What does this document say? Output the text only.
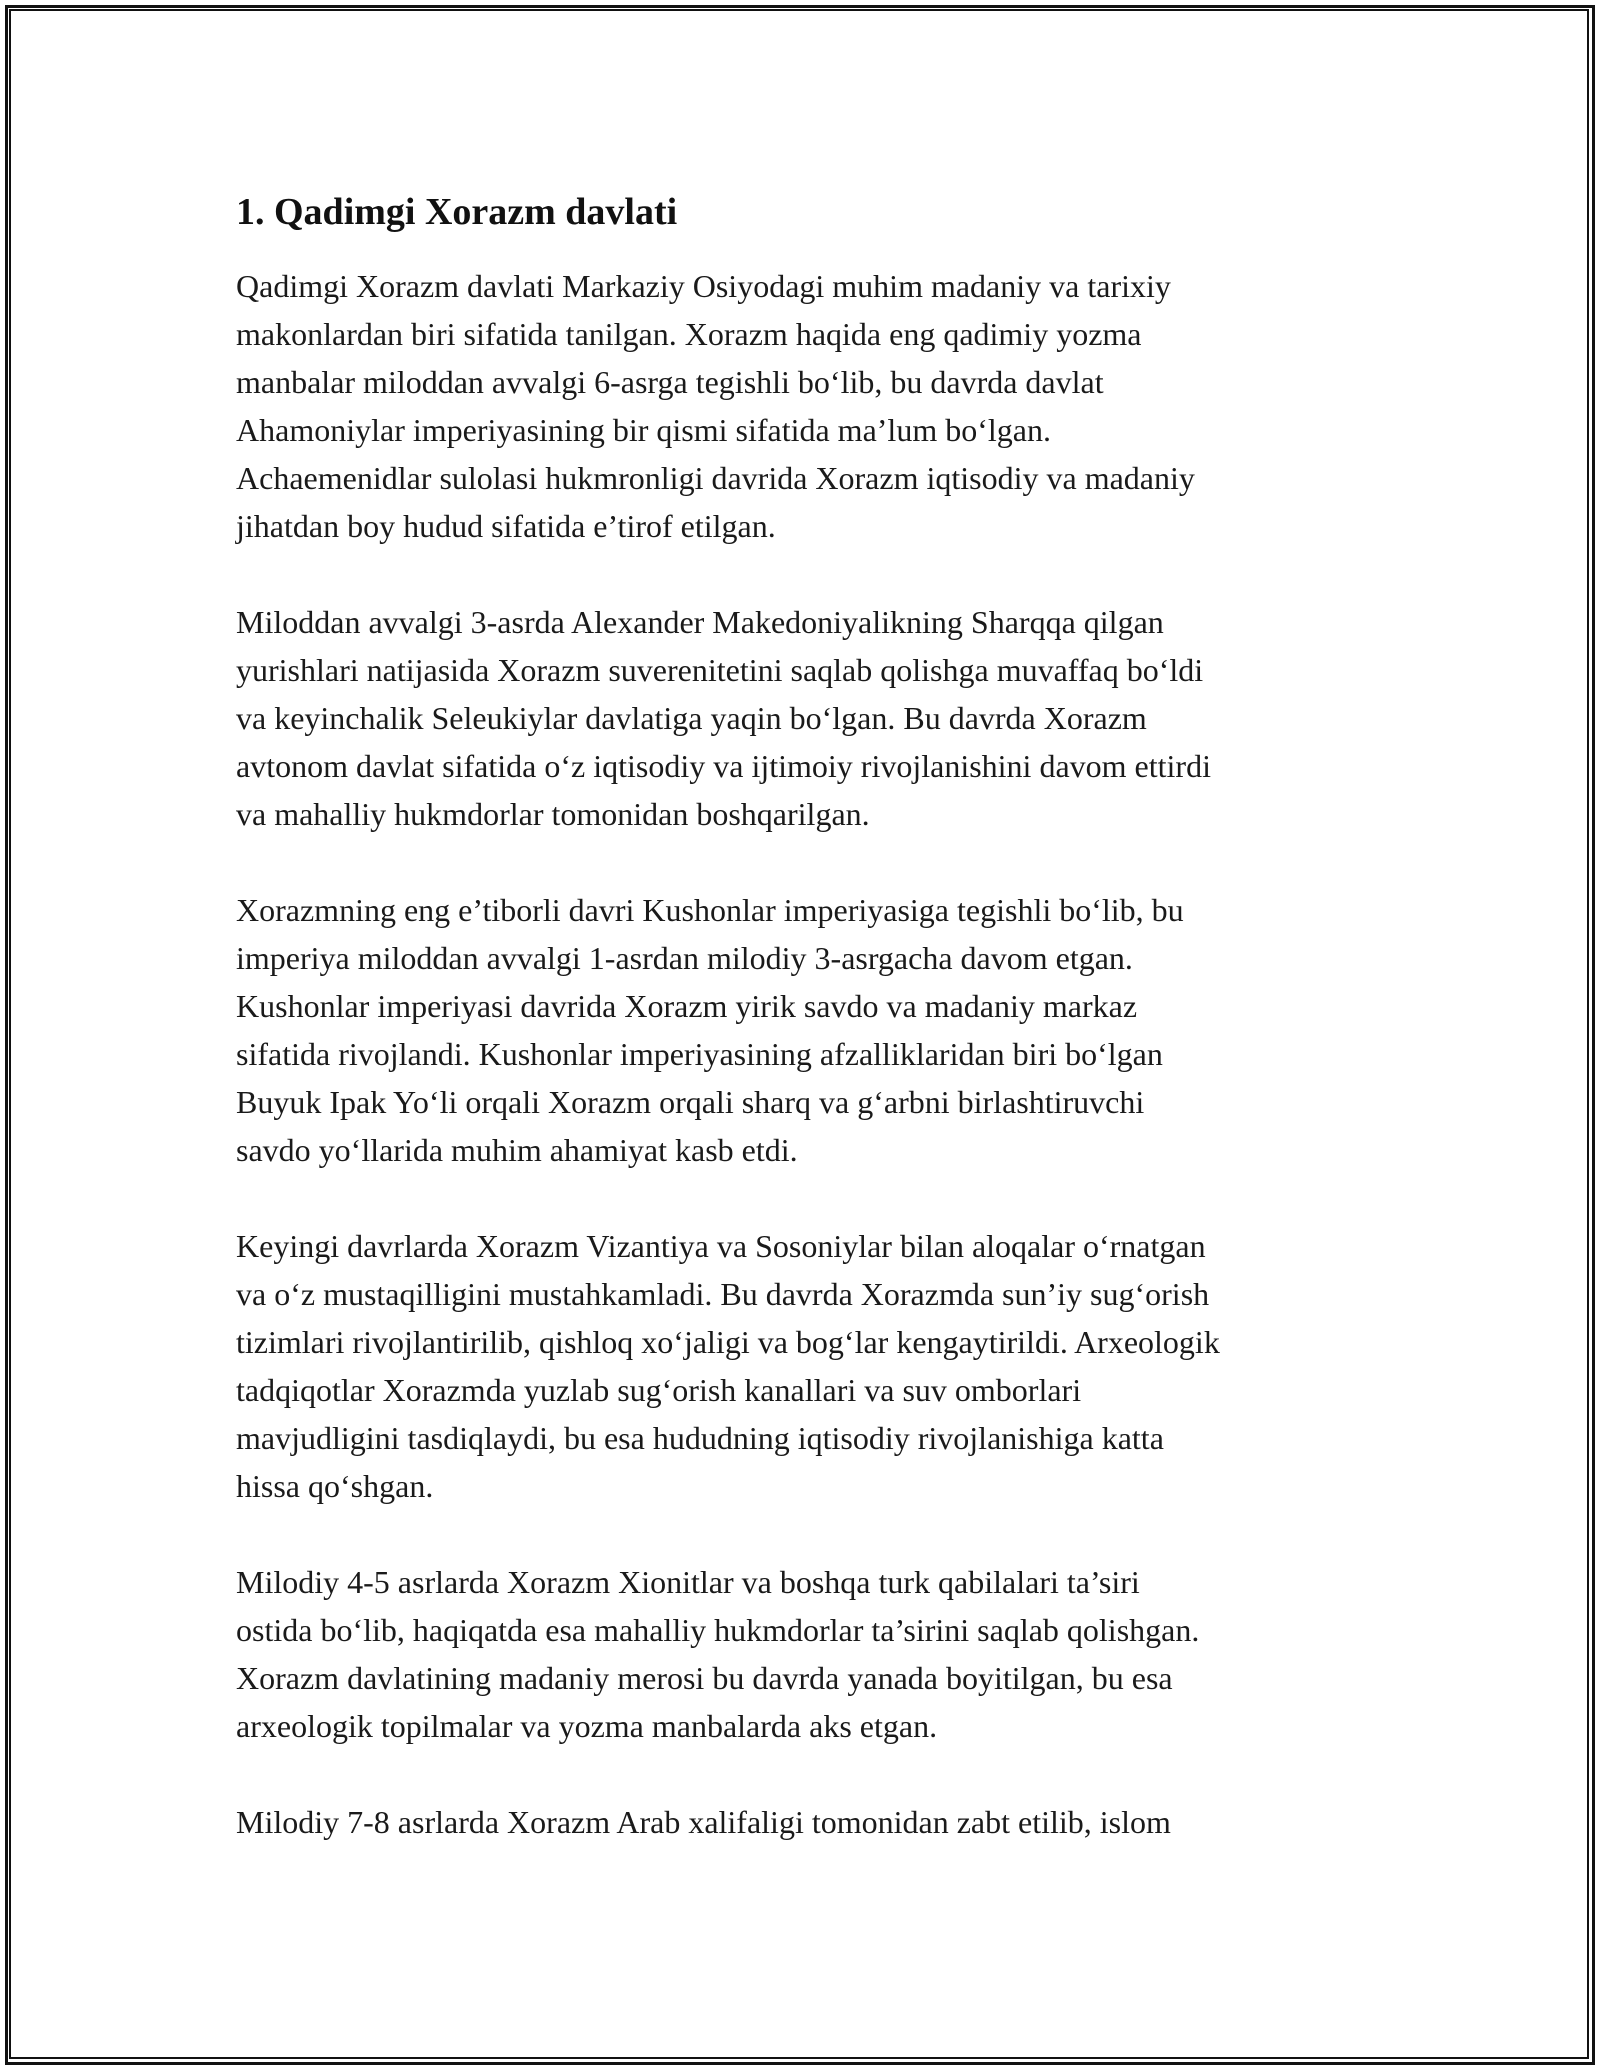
1. Qadimgi Xorazm davlati

Qadimgi Xorazm davlati Markaziy Osiyodagi muhim madaniy va tarixiy
makonlardan biri sifatida tanilgan. Xorazm haqida eng qadimiy yozma
manbalar miloddan avvalgi 6-asrga tegishli bo‘lib, bu davrda davlat
Ahamoniylar imperiyasining bir qismi sifatida ma’lum bo‘lgan.
Achaemenidlar sulolasi hukmronligi davrida Xorazm iqtisodiy va madaniy
jihatdan boy hudud sifatida e’tirof etilgan.

Miloddan avvalgi 3-asrda Alexander Makedoniyalikning Sharqqa qilgan
yurishlari natijasida Xorazm suverenitetini saqlab qolishga muvaffaq bo‘ldi
va keyinchalik Seleukiylar davlatiga yaqin bo‘lgan. Bu davrda Xorazm
avtonom davlat sifatida o‘z iqtisodiy va ijtimoiy rivojlanishini davom ettirdi
va mahalliy hukmdorlar tomonidan boshqarilgan.

Xorazmning eng e’tiborli davri Kushonlar imperiyasiga tegishli bo‘lib, bu
imperiya miloddan avvalgi 1-asrdan milodiy 3-asrgacha davom etgan.
Kushonlar imperiyasi davrida Xorazm yirik savdo va madaniy markaz
sifatida rivojlandi. Kushonlar imperiyasining afzalliklaridan biri bo‘lgan
Buyuk Ipak Yo‘li orqali Xorazm orqali sharq va g‘arbni birlashtiruvchi
savdo yo‘llarida muhim ahamiyat kasb etdi.

Keyingi davrlarda Xorazm Vizantiya va Sosoniylar bilan aloqalar o‘rnatgan
va o‘z mustaqilligini mustahkamladi. Bu davrda Xorazmda sun’iy sug‘orish
tizimlari rivojlantirilib, qishloq xo‘jaligi va bog‘lar kengaytirildi. Arxeologik
tadqiqotlar Xorazmda yuzlab sug‘orish kanallari va suv omborlari
mavjudligini tasdiqlaydi, bu esa hududning iqtisodiy rivojlanishiga katta
hissa qo‘shgan.

Milodiy 4-5 asrlarda Xorazm Xionitlar va boshqa turk qabilalari ta’siri
ostida bo‘lib, haqiqatda esa mahalliy hukmdorlar ta’sirini saqlab qolishgan.
Xorazm davlatining madaniy merosi bu davrda yanada boyitilgan, bu esa
arxeologik topilmalar va yozma manbalarda aks etgan.

Milodiy 7-8 asrlarda Xorazm Arab xalifaligi tomonidan zabt etilib, islom
